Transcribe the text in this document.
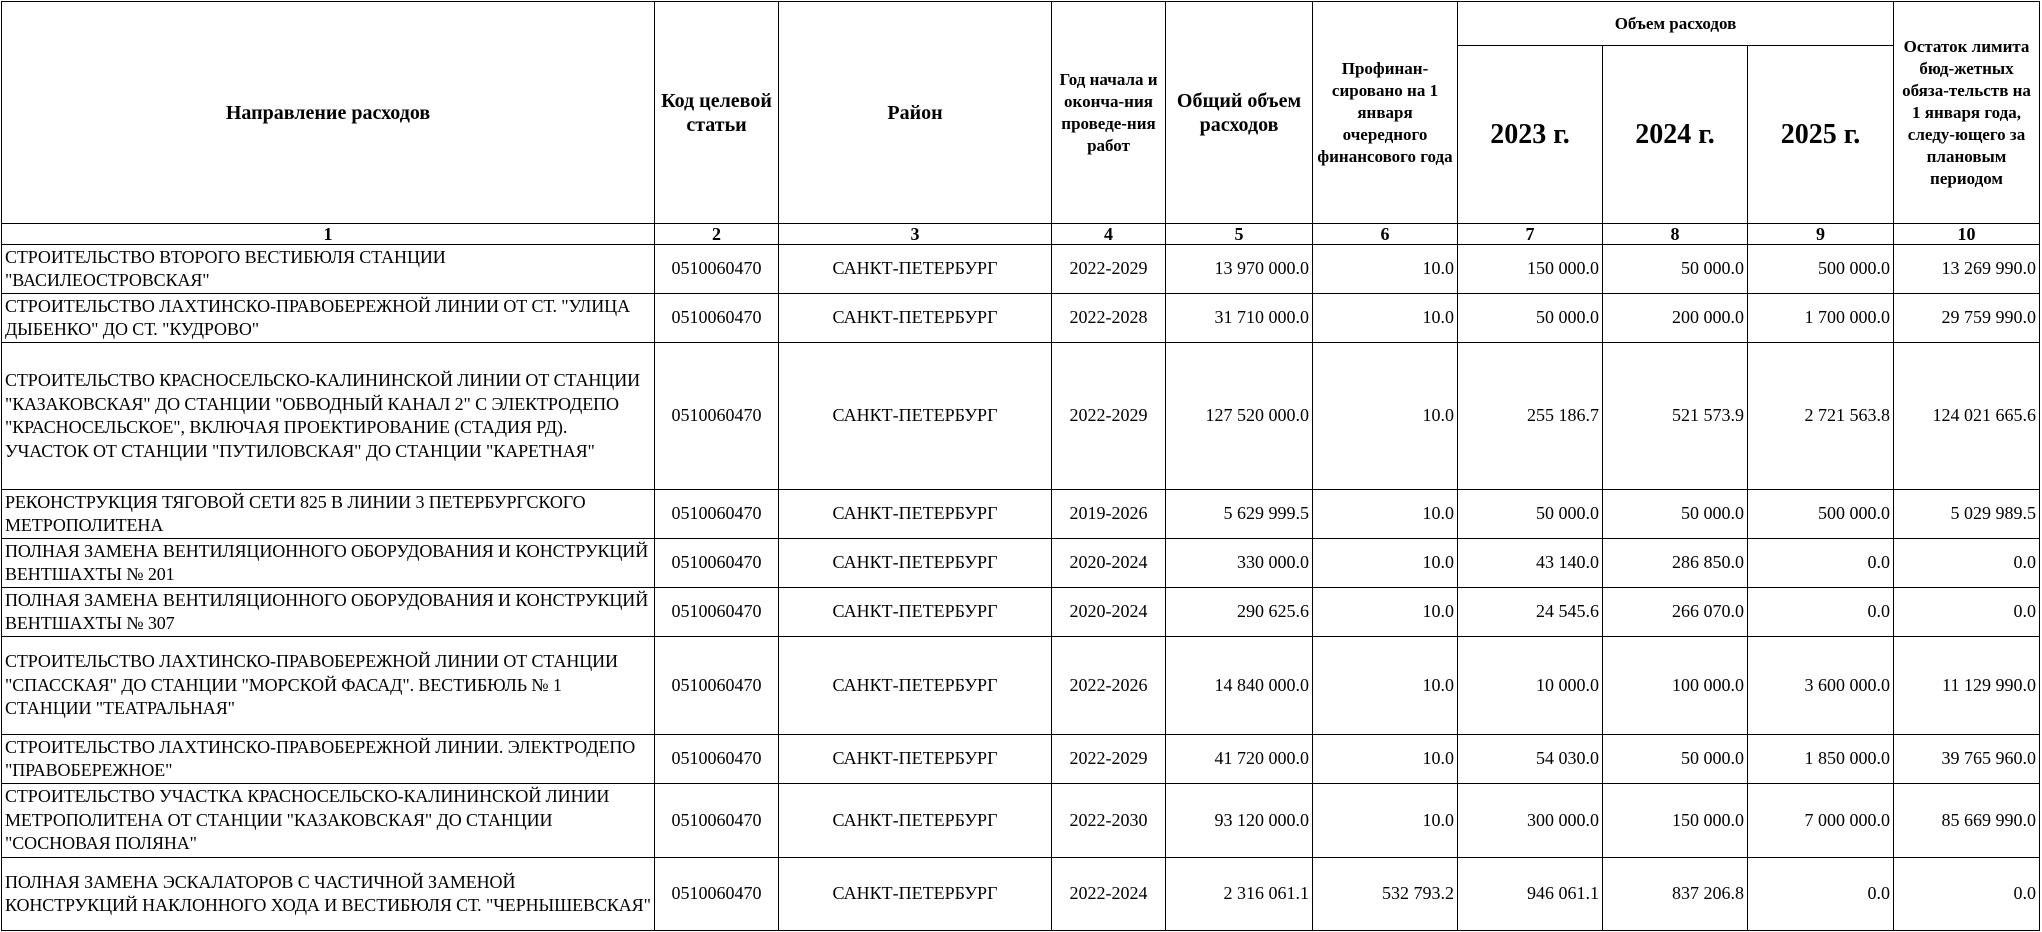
Направление расходов	Код целевой статьи	Район	Год начала и оконча-ния проведе-ния работ	Общий объем расходов	Профинан-сировано на 1 января очередного финансового года	Объем расходов			Остаток лимита бюд-жетных обяза-тельств на 1 января года, следу-ющего за плановым периодом
						2023 г.	2024 г.	2025 г.	
1	2	3	4	5	6	7	8	9	10
СТРОИТЕЛЬСТВО ВТОРОГО ВЕСТИБЮЛЯ СТАНЦИИ "ВАСИЛЕОСТРОВСКАЯ"	0510060470	САНКТ-ПЕТЕРБУРГ	2022-2029	13 970 000.0	10.0	150 000.0	50 000.0	500 000.0	13 269 990.0
СТРОИТЕЛЬСТВО ЛАХТИНСКО-ПРАВОБЕРЕЖНОЙ ЛИНИИ ОТ СТ. "УЛИЦА ДЫБЕНКО" ДО СТ. "КУДРОВО"	0510060470	САНКТ-ПЕТЕРБУРГ	2022-2028	31 710 000.0	10.0	50 000.0	200 000.0	1 700 000.0	29 759 990.0
СТРОИТЕЛЬСТВО КРАСНОСЕЛЬСКО-КАЛИНИНСКОЙ ЛИНИИ ОТ СТАНЦИИ "КАЗАКОВСКАЯ" ДО СТАНЦИИ "ОБВОДНЫЙ КАНАЛ 2" С ЭЛЕКТРОДЕПО "КРАСНОСЕЛЬСКОЕ", ВКЛЮЧАЯ ПРОЕКТИРОВАНИЕ (СТАДИЯ РД). УЧАСТОК ОТ СТАНЦИИ "ПУТИЛОВСКАЯ" ДО СТАНЦИИ "КАРЕТНАЯ"	0510060470	САНКТ-ПЕТЕРБУРГ	2022-2029	127 520 000.0	10.0	255 186.7	521 573.9	2 721 563.8	124 021 665.6
РЕКОНСТРУКЦИЯ ТЯГОВОЙ СЕТИ 825 В ЛИНИИ 3 ПЕТЕРБУРГСКОГО МЕТРОПОЛИТЕНА	0510060470	САНКТ-ПЕТЕРБУРГ	2019-2026	5 629 999.5	10.0	50 000.0	50 000.0	500 000.0	5 029 989.5
ПОЛНАЯ ЗАМЕНА ВЕНТИЛЯЦИОННОГО ОБОРУДОВАНИЯ И КОНСТРУКЦИЙ ВЕНТШАХТЫ № 201	0510060470	САНКТ-ПЕТЕРБУРГ	2020-2024	330 000.0	10.0	43 140.0	286 850.0	0.0	0.0
ПОЛНАЯ ЗАМЕНА ВЕНТИЛЯЦИОННОГО ОБОРУДОВАНИЯ И КОНСТРУКЦИЙ ВЕНТШАХТЫ № 307	0510060470	САНКТ-ПЕТЕРБУРГ	2020-2024	290 625.6	10.0	24 545.6	266 070.0	0.0	0.0
СТРОИТЕЛЬСТВО ЛАХТИНСКО-ПРАВОБЕРЕЖНОЙ ЛИНИИ ОТ СТАНЦИИ "СПАССКАЯ" ДО СТАНЦИИ "МОРСКОЙ ФАСАД". ВЕСТИБЮЛЬ № 1 СТАНЦИИ "ТЕАТРАЛЬНАЯ"	0510060470	САНКТ-ПЕТЕРБУРГ	2022-2026	14 840 000.0	10.0	10 000.0	100 000.0	3 600 000.0	11 129 990.0
СТРОИТЕЛЬСТВО ЛАХТИНСКО-ПРАВОБЕРЕЖНОЙ ЛИНИИ. ЭЛЕКТРОДЕПО "ПРАВОБЕРЕЖНОЕ"	0510060470	САНКТ-ПЕТЕРБУРГ	2022-2029	41 720 000.0	10.0	54 030.0	50 000.0	1 850 000.0	39 765 960.0
СТРОИТЕЛЬСТВО УЧАСТКА КРАСНОСЕЛЬСКО-КАЛИНИНСКОЙ ЛИНИИ МЕТРОПОЛИТЕНА ОТ СТАНЦИИ "КАЗАКОВСКАЯ" ДО СТАНЦИИ "СОСНОВАЯ ПОЛЯНА"	0510060470	САНКТ-ПЕТЕРБУРГ	2022-2030	93 120 000.0	10.0	300 000.0	150 000.0	7 000 000.0	85 669 990.0
ПОЛНАЯ ЗАМЕНА ЭСКАЛАТОРОВ С ЧАСТИЧНОЙ ЗАМЕНОЙ КОНСТРУКЦИЙ НАКЛОННОГО ХОДА И ВЕСТИБЮЛЯ СТ. "ЧЕРНЫШЕВСКАЯ"	0510060470	САНКТ-ПЕТЕРБУРГ	2022-2024	2 316 061.1	532 793.2	946 061.1	837 206.8	0.0	0.0
